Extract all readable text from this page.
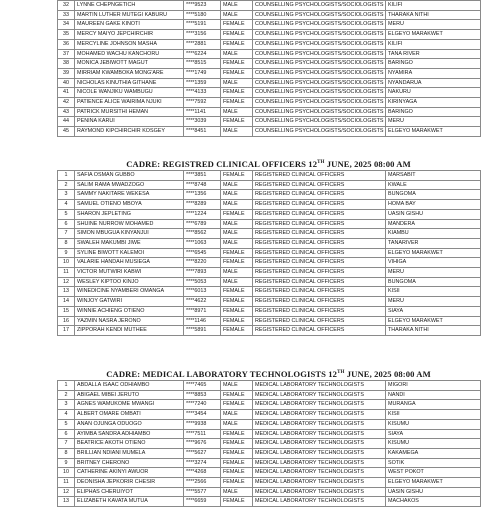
32	LYNNE CHEPNGETICH	****9523	MALE	COUNSELLING PSYCHOLOGISTS/SOCIOLOGISTS	KILIFI
33	MARTIN LUTHER MUTEGI KABURU	****5180	MALE	COUNSELLING PSYCHOLOGISTS/SOCIOLOGISTS	THARAKA NITHI
34	MAUREEN GAKE KINOTI	****5191	FEMALE	COUNSELLING PSYCHOLOGISTS/SOCIOLOGISTS	MERU
35	MERCY MAIYO JEPCHIRCHIR	****3156	FEMALE	COUNSELLING PSYCHOLOGISTS/SOCIOLOGISTS	ELGEYO MARAKWET
36	MERCYLINE JOHNSON MASHA	****2881	FEMALE	COUNSELLING PSYCHOLOGISTS/SOCIOLOGISTS	KILIFI
37	MOHAMED WACHU KANCHORU	****6224	MALE	COUNSELLING PSYCHOLOGISTS/SOCIOLOGISTS	TANA RIVER
38	MONICA JEBIWOTT MAGUT	****8515	FEMALE	COUNSELLING PSYCHOLOGISTS/SOCIOLOGISTS	BARINGO
39	MIRRIAM KWAMBOKA MONG'ARE	****1749	FEMALE	COUNSELLING PSYCHOLOGISTS/SOCIOLOGISTS	NYAMIRA
40	NICHOLAS KINUTHIA GITHANE	****1359	MALE	COUNSELLING PSYCHOLOGISTS/SOCIOLOGISTS	NYANDARUA
41	NICOLE WANJIKU WAMBUGU	****4133	FEMALE	COUNSELLING PSYCHOLOGISTS/SOCIOLOGISTS	NAKURU
42	PATIENCE ALICE WAIRIMA NJUKI	****7592	FEMALE	COUNSELLING PSYCHOLOGISTS/SOCIOLOGISTS	KIRINYAGA
43	PATRICK MURSITHI HEMAN	****1141	MALE	COUNSELLING PSYCHOLOGISTS/SOCIOLOGISTS	BARINGO
44	PENINA KARUI	****3039	FEMALE	COUNSELLING PSYCHOLOGISTS/SOCIOLOGISTS	MERU
45	RAYMOND KIPCHIRCHIR KOSGEY	****8451	MALE	COUNSELLING PSYCHOLOGISTS/SOCIOLOGISTS	ELGEYO MARAKWET
CADRE: REGISTRED CLINICAL OFFICERS 12TH JUNE, 2025 08:00 AM
1	SAFIA OSMAN GUBBO	****3851	FEMALE	REGISTERED CLINICAL OFFICERS	MARSABIT
2	SALIM RAMA MWADZOGO	****8748	MALE	REGISTERED CLINICAL OFFICERS	KWALE
3	SAMMY NAKITARE WEKESA	****1356	MALE	REGISTERED CLINICAL OFFICERS	BUNGOMA
4	SAMUEL OTIENO MBOYA	****8289	MALE	REGISTERED CLINICAL OFFICERS	HOMA BAY
5	SHARON JEPLETING	****1224	FEMALE	REGISTERED CLINICAL OFFICERS	UASIN GISHU
6	SHUINE NURROW MOHAMED	****6789	MALE	REGISTERED CLINICAL OFFICERS	MANDERA
7	SIMON MBUGUA KINYANJUI	****8562	MALE	REGISTERED CLINICAL OFFICERS	KIAMBU
8	SWALEH MAKUMBI JIWE	****1063	MALE	REGISTERED CLINICAL OFFICERS	TANARIVER
9	SYLINE BIWOTT KALEMOI	****6545	FEMALE	REGISTERED CLINICAL OFFICERS	ELGEYO MARAKWET
10	VALARIE HANDAH MUSIEGA	****8220	FEMALE	REGISTERED CLINICAL OFFICERS	VIHIGA
11	VICTOR MUTWIRI KABWI	****7893	MALE	REGISTERED CLINICAL OFFICERS	MERU
12	WESLEY KIPTOO KINJO	****5053	MALE	REGISTERED CLINICAL OFFICERS	BUNGOMA
13	WINEDICINE NYAMBERI OMANGA	****6013	FEMALE	REGISTERED CLINICAL OFFICERS	KISII
14	WINJOY GATWIRI	****4622	FEMALE	REGISTERED CLINICAL OFFICERS	MERU
15	WINNIE ACHIENG OTIENO	****8971	FEMALE	REGISTERED CLINICAL OFFICERS	SIAYA
16	YAZMIN NASRA JERONO	****1146	FEMALE	REGISTERED CLINICAL OFFICERS	ELGEYO MARAKWET
17	ZIPPORAH KENDI MUTHEE	****5891	FEMALE	REGISTERED CLINICAL OFFICERS	THARAKA NITHI
CADRE: MEDICAL LABORATORY TECHNOLOGISTS 12TH JUNE, 2025 08:00 AM
1	ABDALLA ISAAC ODHIAMBO	****7465	MALE	MEDICAL LABORATORY TECHNOLOGISTS	MIGORI
2	ABIGAEL MIBEI JERUTO	****8853	FEMALE	MEDICAL LABORATORY TECHNOLOGISTS	NANDI
3	AGNES WAMUKOME MWANGI	****7240	FEMALE	MEDICAL LABORATORY TECHNOLOGISTS	MURANGA
4	ALBERT OMARE OMBATI	****3454	MALE	MEDICAL LABORATORY TECHNOLOGISTS	KISII
5	ANAN OJUNGA ODUOGO	****9938	MALE	MEDICAL LABORATORY TECHNOLOGISTS	KISUMU
6	AYIMBA SANDRA ADHIAMBO	****7511	FEMALE	MEDICAL LABORATORY TECHNOLOGISTS	SIAYA
7	BEATRICE AKOTH OTIENO	****9676	FEMALE	MEDICAL LABORATORY TECHNOLOGISTS	KISUMU
8	BRILLIAN NDIANI MUMELA	****5627	FEMALE	MEDICAL LABORATORY TECHNOLOGISTS	KAKAMEGA
9	BRITNEY CHERONO	****3274	FEMALE	MEDICAL LABORATORY TECHNOLOGISTS	SOTIK
10	CATHERINE AKINYI AWUOR	****4268	FEMALE	MEDICAL LABORATORY TECHNOLOGISTS	WEST POKOT
11	DEONISHA JEPKORIR CHESIR	****2566	FEMALE	MEDICAL LABORATORY TECHNOLOGISTS	ELGEYO MARAKWET
12	ELIPHAS CHERUIYOT	****5577	MALE	MEDICAL LABORATORY TECHNOLOGISTS	UASIN GISHU
13	ELIZABETH KAVATA MUTUA	****6659	FEMALE	MEDICAL LABORATORY TECHNOLOGISTS	MACHAKOS
